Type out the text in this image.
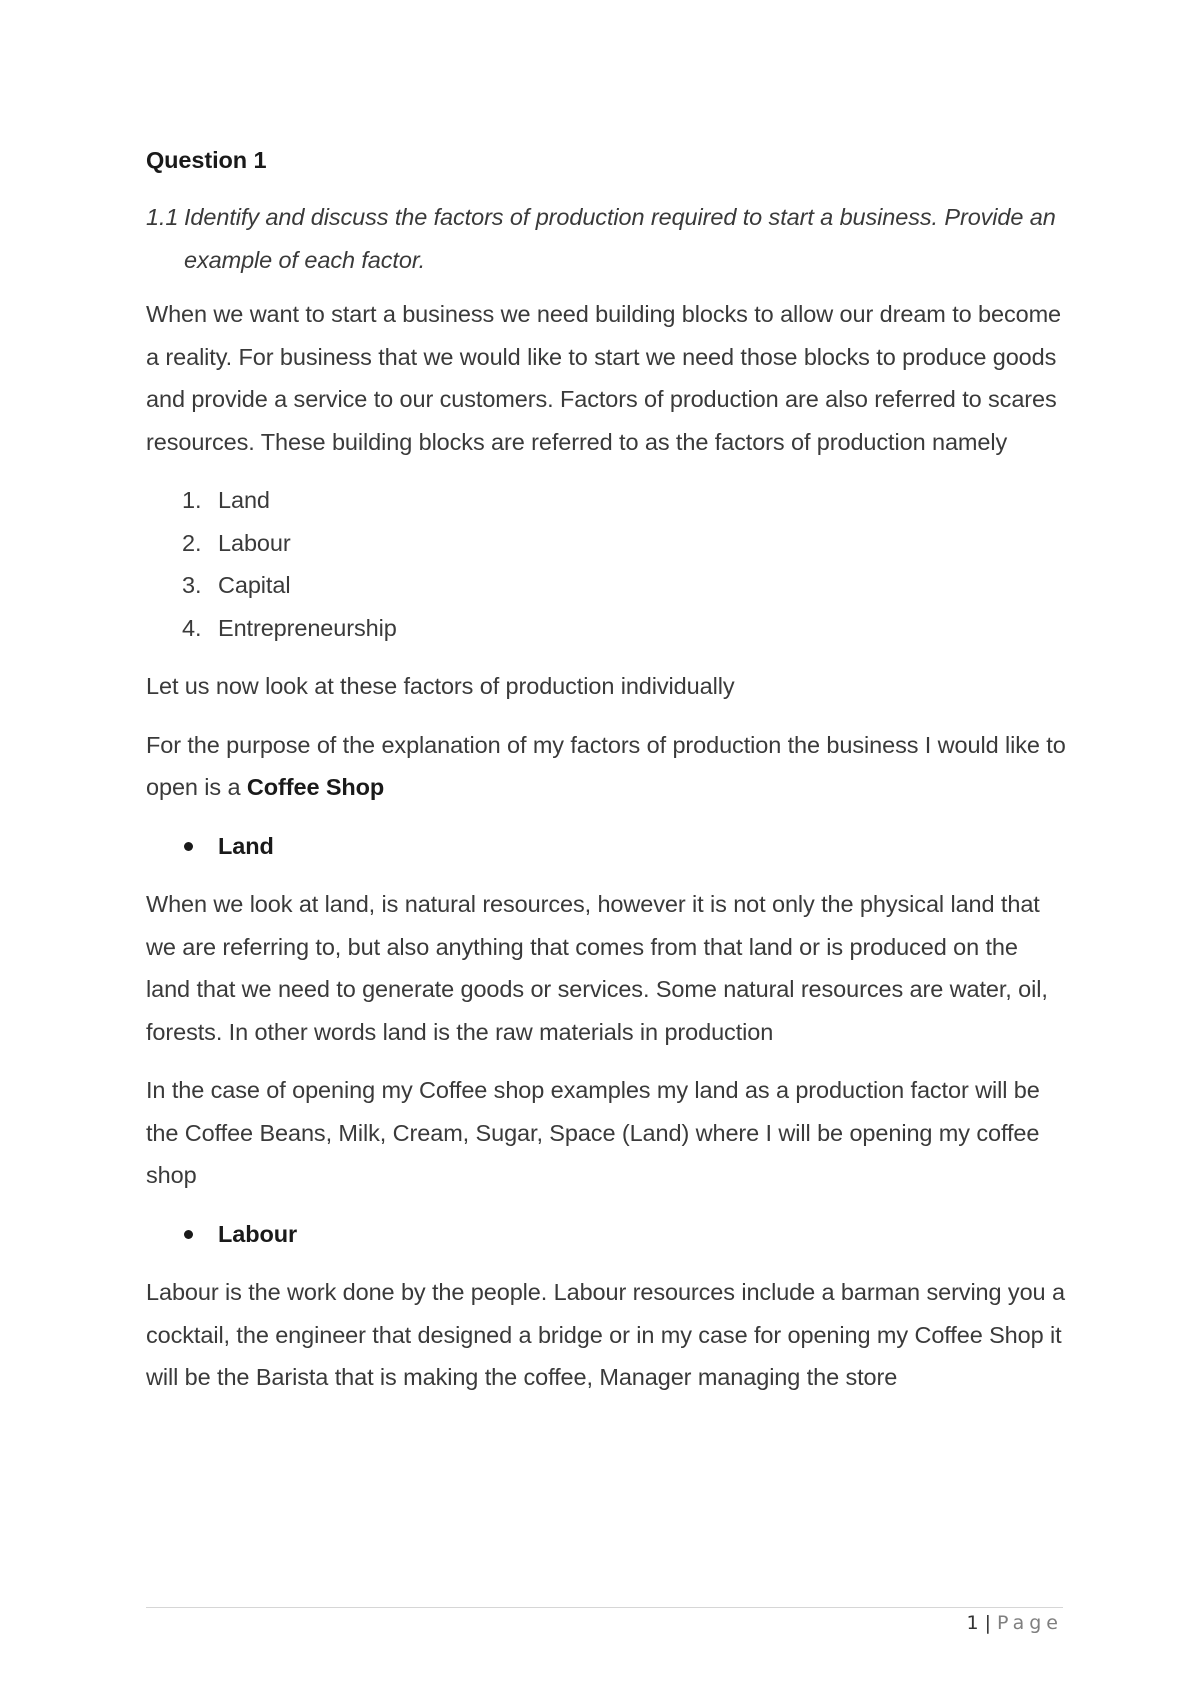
Question 1
1.1 Identify and discuss the factors of production required to start a business. Provide an example of each factor.

When we want to start a business we need building blocks to allow our dream to become a reality. For business that we would like to start we need those blocks to produce goods and provide a service to our customers. Factors of production are also referred to scares resources. These building blocks are referred to as the factors of production namely

1. Land
2. Labour
3. Capital
4. Entrepreneurship

Let us now look at these factors of production individually

For the purpose of the explanation of my factors of production the business I would like to open is a Coffee Shop

Land

When we look at land, is natural resources, however it is not only the physical land that we are referring to, but also anything that comes from that land or is produced on the land that we need to generate goods or services. Some natural resources are water, oil, forests. In other words land is the raw materials in production

In the case of opening my Coffee shop examples my land as a production factor will be the Coffee Beans, Milk, Cream, Sugar, Space (Land) where I will be opening my coffee shop

Labour

Labour is the work done by the people. Labour resources include a barman serving you a cocktail, the engineer that designed a bridge or in my case for opening my Coffee Shop it will be the Barista that is making the coffee, Manager managing the store

1 | Page
